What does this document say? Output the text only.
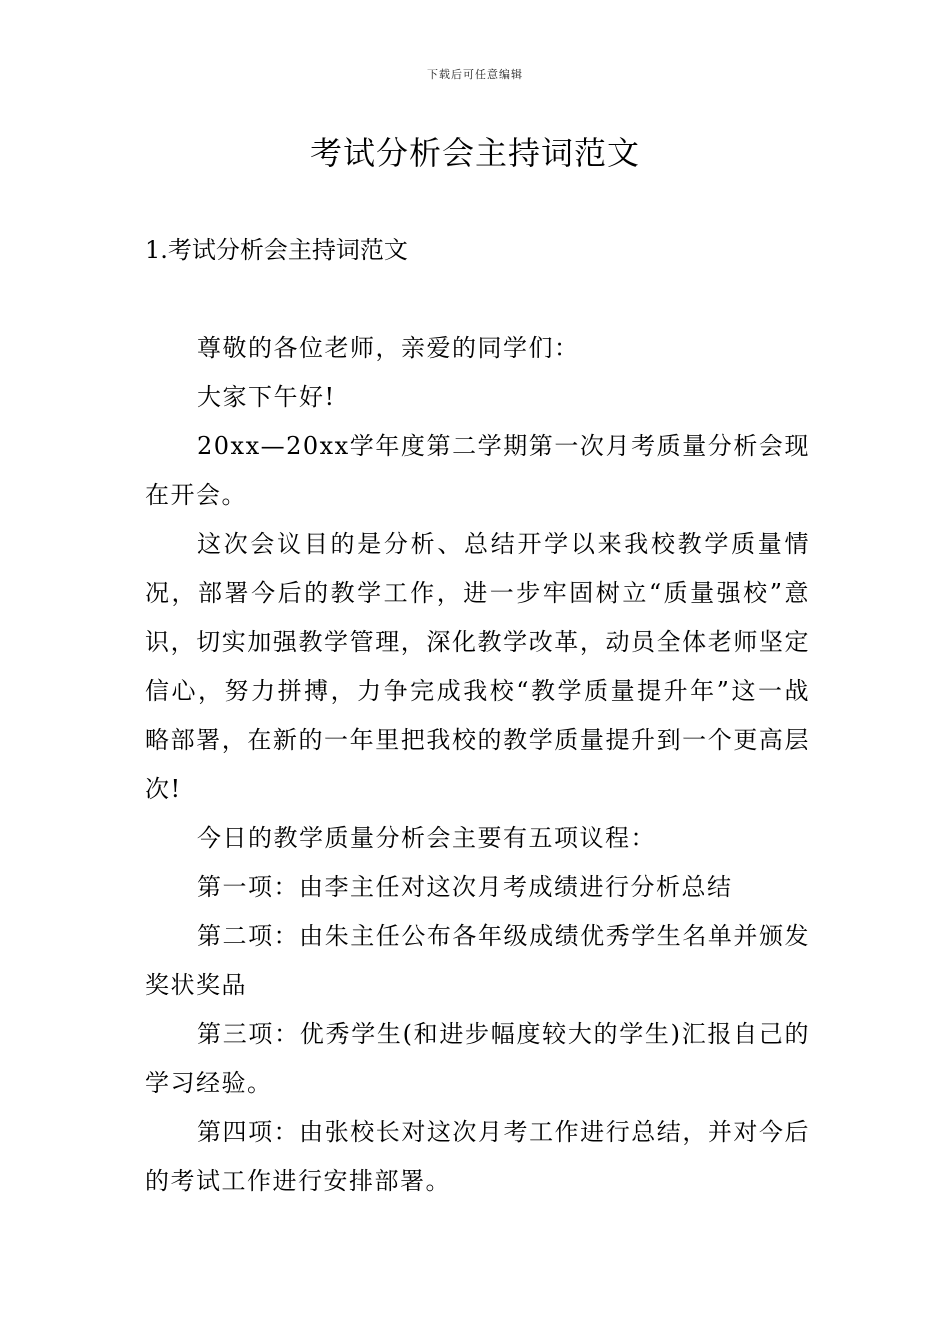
下载后可任意编辑
考试分析会主持词范文
1.考试分析会主持词范文

尊敬的各位老师，亲爱的同学们：

大家下午好!

20xx—20xx学年度第二学期第一次月考质量分析会现在开会。

这次会议目的是分析、总结开学以来我校教学质量情况，部署今后的教学工作，进一步牢固树立“质量强校”意识，切实加强教学管理，深化教学改革，动员全体老师坚定信心，努力拼搏，力争完成我校“教学质量提升年”这一战略部署，在新的一年里把我校的教学质量提升到一个更高层次!

今日的教学质量分析会主要有五项议程：

第一项：由李主任对这次月考成绩进行分析总结

第二项：由朱主任公布各年级成绩优秀学生名单并颁发奖状奖品

第三项：优秀学生(和进步幅度较大的学生)汇报自己的学习经验。

第四项：由张校长对这次月考工作进行总结，并对今后的考试工作进行安排部署。
